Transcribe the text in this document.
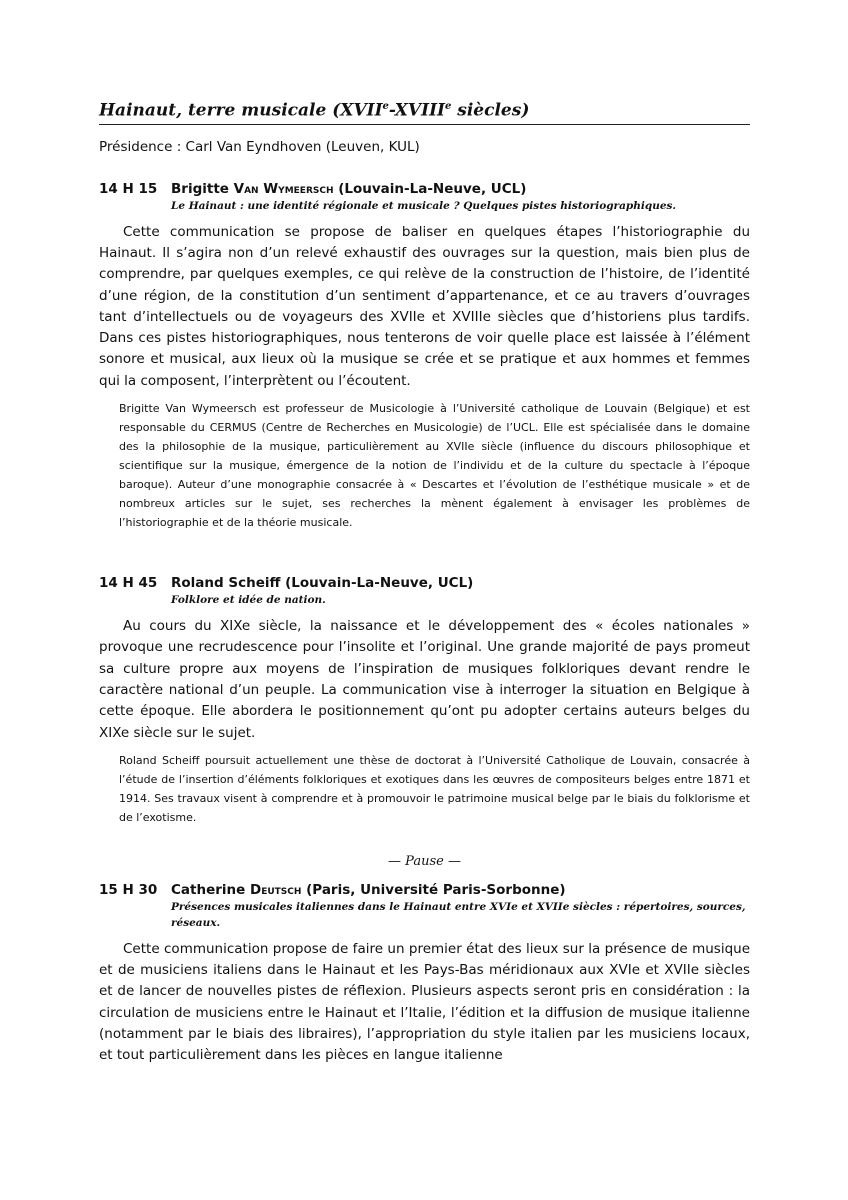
Hainaut, terre musicale (XVIIe-XVIIIe siècles)
Présidence : Carl Van Eyndhoven (Leuven, KUL)
14 H 15	Brigitte Van Wymeersch (Louvain-La-Neuve, UCL)
Le Hainaut : une identité régionale et musicale ? Quelques pistes historiographiques.
Cette communication se propose de baliser en quelques étapes l’historiographie du Hainaut. Il s’agira non d’un relevé exhaustif des ouvrages sur la question, mais bien plus de comprendre, par quelques exemples, ce qui relève de la construction de l’histoire, de l’identité d’une région, de la constitution d’un sentiment d’appartenance, et ce au travers d’ouvrages tant d’intellectuels ou de voyageurs des XVIIe et XVIIIe siècles que d’historiens plus tardifs. Dans ces pistes historiographiques, nous tenterons de voir quelle place est laissée à l’élément sonore et musical, aux lieux où la musique se crée et se pratique et aux hommes et femmes qui la composent, l’interprètent ou l’écoutent.
Brigitte Van Wymeersch est professeur de Musicologie à l’Université catholique de Louvain (Belgique) et est responsable du CERMUS (Centre de Recherches en Musicologie) de l’UCL. Elle est spécialisée dans le domaine des la philosophie de la musique, particulièrement au XVIIe siècle (influence du discours philosophique et scientifique sur la musique, émergence de la notion de l’individu et de la culture du spectacle à l’époque baroque). Auteur d’une monographie consacrée à « Descartes et l’évolution de l’esthétique musicale » et de nombreux articles sur le sujet, ses recherches la mènent également à envisager les problèmes de l’historiographie et de la théorie musicale.
14 H 45	Roland Scheiff (Louvain-La-Neuve, UCL)
Folklore et idée de nation.
Au cours du XIXe siècle, la naissance et le développement des « écoles nationales » provoque une recrudescence pour l’insolite et l’original. Une grande majorité de pays promeut sa culture propre aux moyens de l’inspiration de musiques folkloriques devant rendre le caractère national d’un peuple. La communication vise à interroger la situation en Belgique à cette époque. Elle abordera le positionnement qu’ont pu adopter certains auteurs belges du XIXe siècle sur le sujet.
Roland Scheiff poursuit actuellement une thèse de doctorat à l’Université Catholique de Louvain, consacrée à l’étude de l’insertion d’éléments folkloriques et exotiques dans les œuvres de compositeurs belges entre 1871 et 1914. Ses travaux visent à comprendre et à promouvoir le patrimoine musical belge par le biais du folklorisme et de l’exotisme.
— Pause —
15 H 30	Catherine Deutsch (Paris, Université Paris-Sorbonne)
Présences musicales italiennes dans le Hainaut entre XVIe et XVIIe siècles : répertoires, sources, réseaux.
Cette communication propose de faire un premier état des lieux sur la présence de musique et de musiciens italiens dans le Hainaut et les Pays-Bas méridionaux aux XVIe et XVIIe siècles et de lancer de nouvelles pistes de réflexion. Plusieurs aspects seront pris en considération : la circulation de musiciens entre le Hainaut et l’Italie, l’édition et la diffusion de musique italienne (notamment par le biais des libraires), l’appropriation du style italien par les musiciens locaux, et tout particulièrement dans les pièces en langue italienne
